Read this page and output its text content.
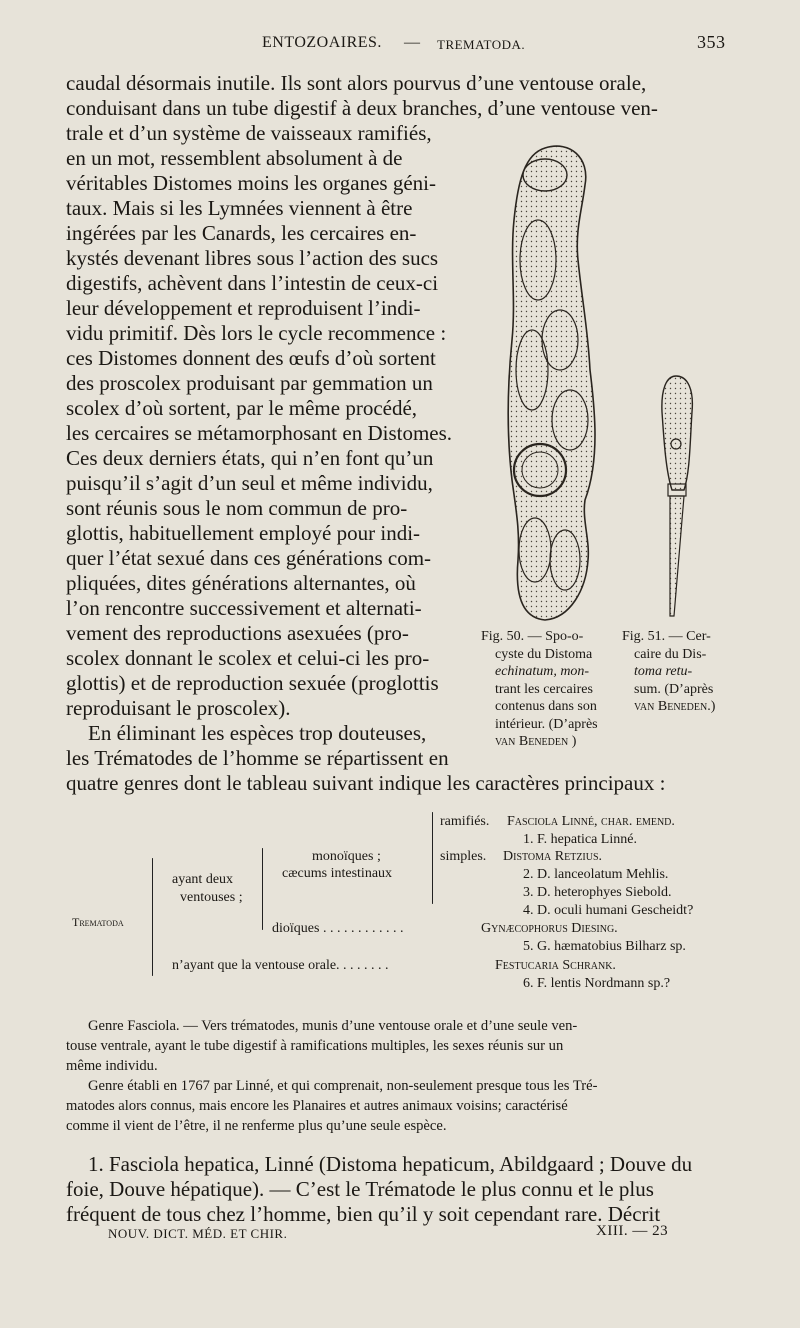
ENTOZOAIRES. — TREMATODA.	353
caudal désormais inutile. Ils sont alors pourvus d’une ventouse orale,
conduisant dans un tube digestif à deux branches, d’une ventouse ven-
trale et d’un système de vaisseaux ramifiés,
en un mot, ressemblent absolument à de
véritables Distomes moins les organes géni-
taux. Mais si les Lymnées viennent à être
ingérées par les Canards, les cercaires en-
kystés devenant libres sous l’action des sucs
digestifs, achèvent dans l’intestin de ceux-ci
leur développement et reproduisent l’indi-
vidu primitif. Dès lors le cycle recommence :
ces Distomes donnent des œufs d’où sortent
des proscolex produisant par gemmation un
scolex d’où sortent, par le même procédé,
les cercaires se métamorphosant en Distomes.
Ces deux derniers états, qui n’en font qu’un
puisqu’il s’agit d’un seul et même individu,
sont réunis sous le nom commun de pro-
glottis, habituellement employé pour indi-
quer l’état sexué dans ces générations com-
pliquées, dites générations alternantes, où
l’on rencontre successivement et alternati-
vement des reproductions asexuées (pro-
scolex donnant le scolex et celui-ci les pro-
glottis) et de reproduction sexuée (proglottis
reproduisant le proscolex).
En éliminant les espèces trop douteuses,
les Trématodes de l’homme se répartissent en
quatre genres dont le tableau suivant indique les caractères principaux :
Fig. 50. — Spo-o-
cyste du Distoma
echinatum, mon-
trant les cercaires
contenus dans son
intérieur. (D’après
van Beneden )
Fig. 51. — Cer-
caire du Dis-
toma retu-
sum. (D’après
van Beneden.)
Trematoda
ayant deux
ventouses ;
monoïques ;
cæcums intestinaux
ramifiés. Fasciola Linné, char. emend.
1. F. hepatica Linné.
simples. Distoma Retzius.
2. D. lanceolatum Mehlis.
3. D. heterophyes Siebold.
4. D. oculi humani Gescheidt?
dioïques . . . . . . . . . . . .	Gynæcophorus Diesing.
5. G. hæmatobius Bilharz sp.
n’ayant que la ventouse orale. . . . . . . .	Festucaria Schrank.
6. F. lentis Nordmann sp.?
Genre Fasciola. — Vers trématodes, munis d’une ventouse orale et d’une seule ven-
touse ventrale, ayant le tube digestif à ramifications multiples, les sexes réunis sur un
même individu.
Genre établi en 1767 par Linné, et qui comprenait, non-seulement presque tous les Tré-
matodes alors connus, mais encore les Planaires et autres animaux voisins; caractérisé
comme il vient de l’être, il ne renferme plus qu’une seule espèce.
1. Fasciola hepatica, Linné (Distoma hepaticum, Abildgaard ; Douve du
foie, Douve hépatique). — C’est le Trématode le plus connu et le plus
fréquent de tous chez l’homme, bien qu’il y soit cependant rare. Décrit
NOUV. DICT. MÉD. ET CHIR.	XIII. — 23
